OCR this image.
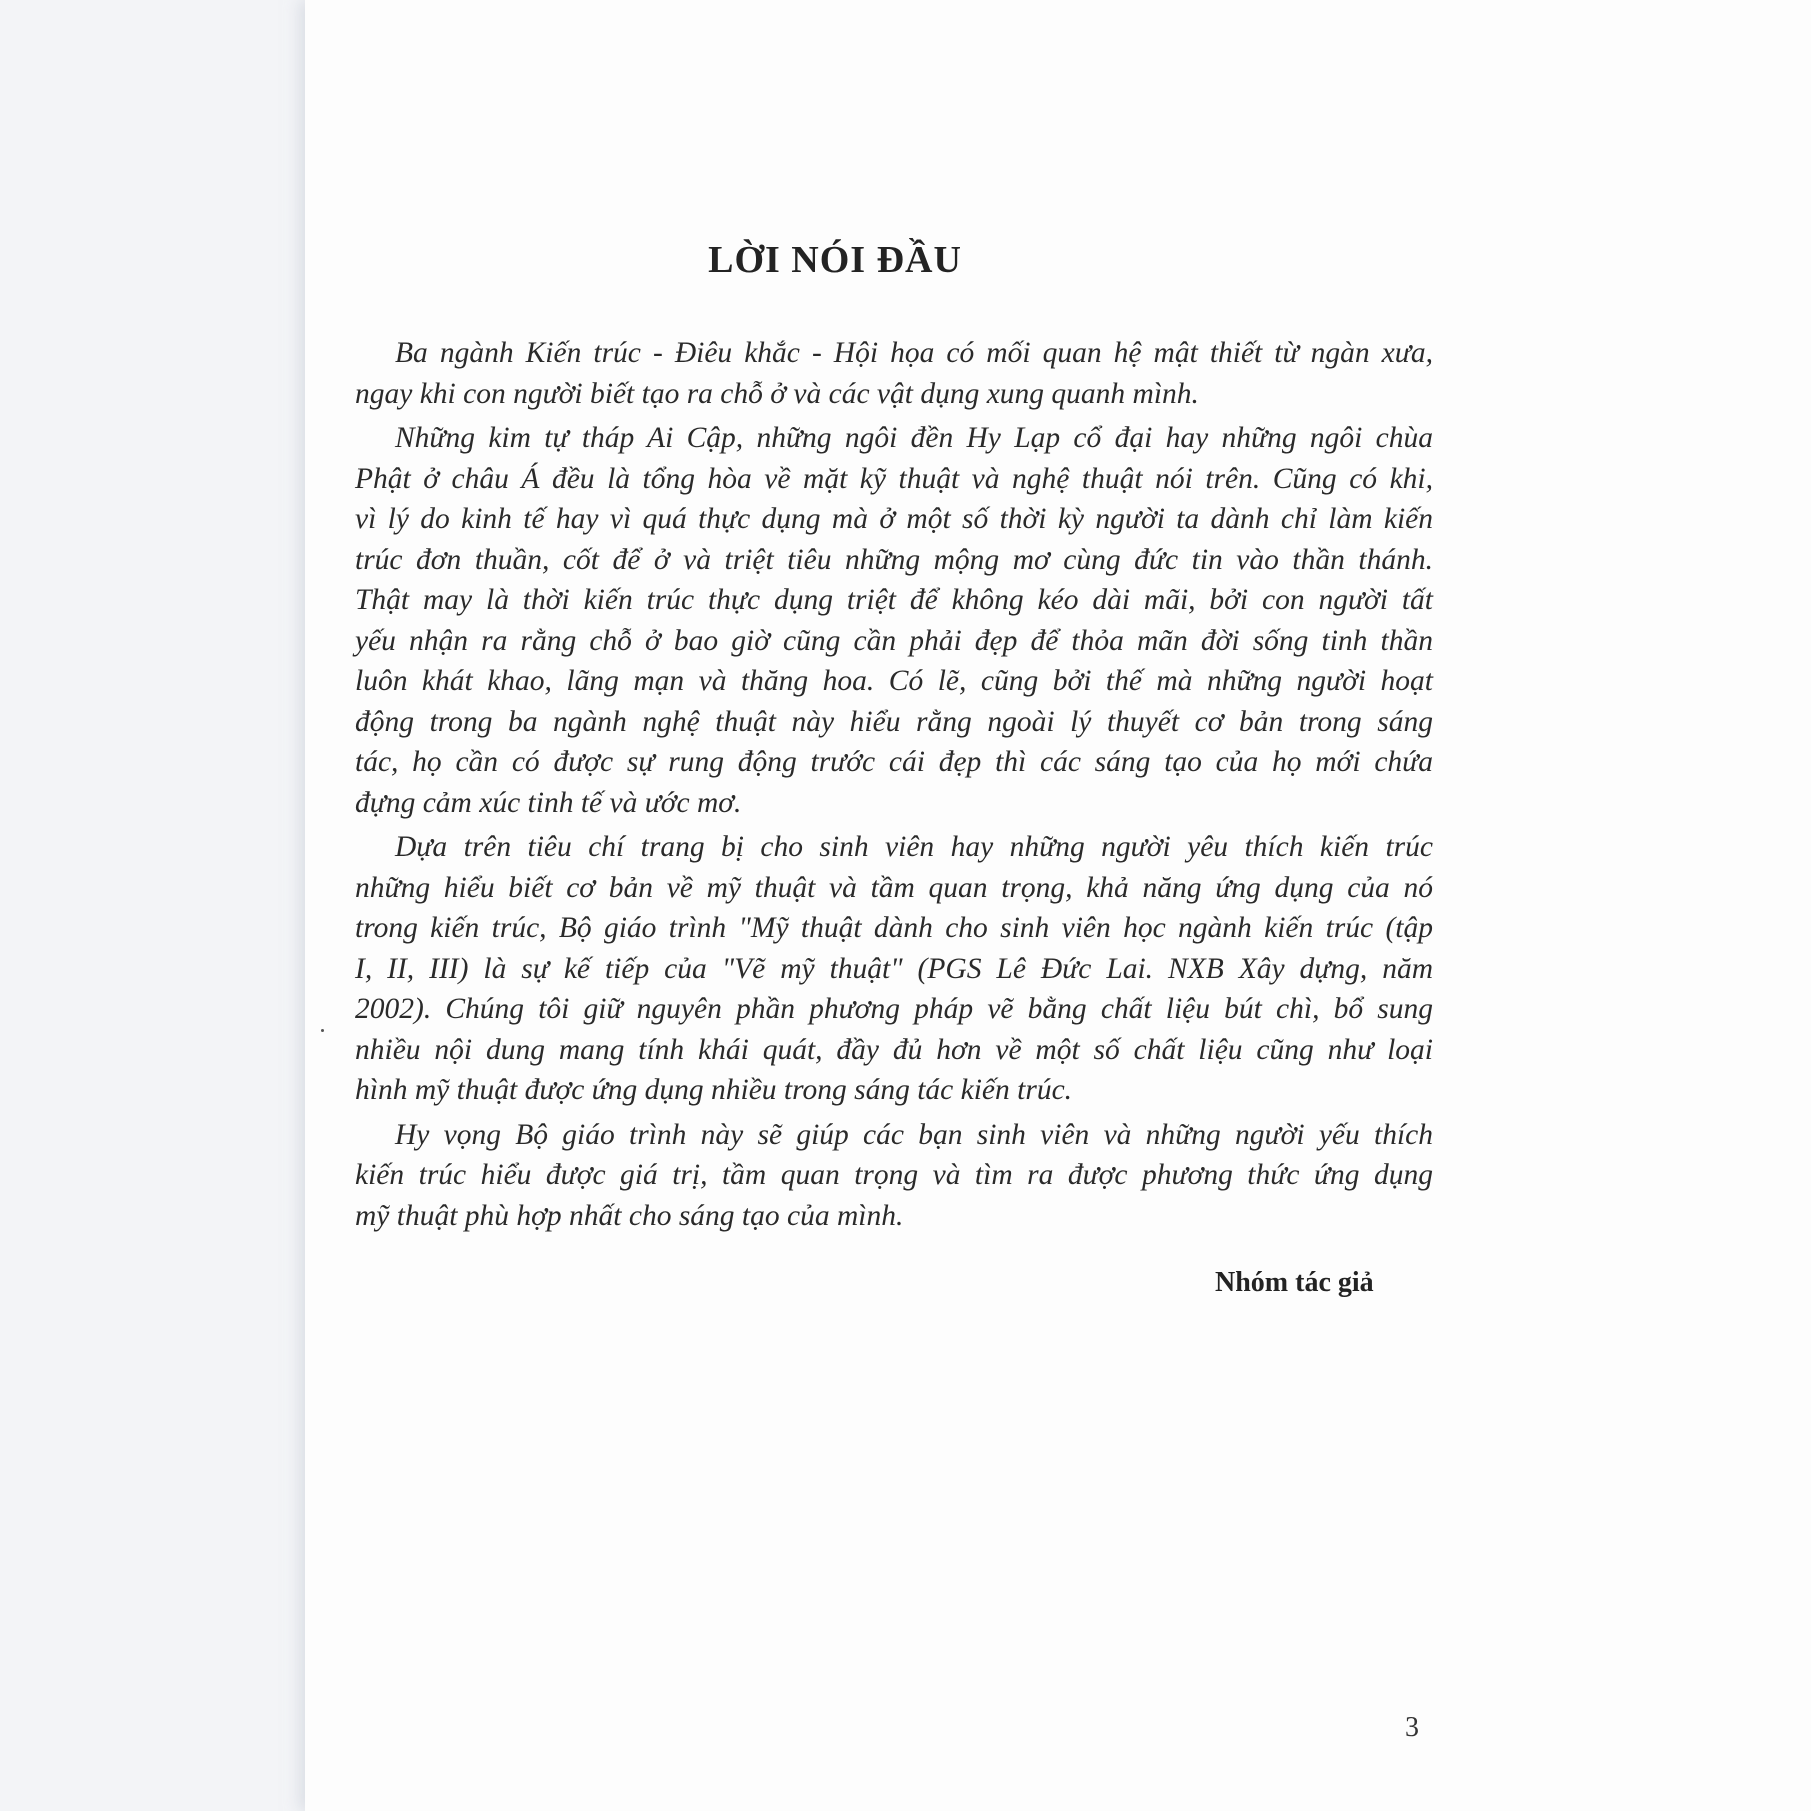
LỜI NÓI ĐẦU

Ba ngành Kiến trúc - Điêu khắc - Hội họa có mối quan hệ mật thiết từ ngàn xưa,
ngay khi con người biết tạo ra chỗ ở và các vật dụng xung quanh mình.

Những kim tự tháp Ai Cập, những ngôi đền Hy Lạp cổ đại hay những ngôi chùa
Phật ở châu Á đều là tổng hòa về mặt kỹ thuật và nghệ thuật nói trên. Cũng có khi,
vì lý do kinh tế hay vì quá thực dụng mà ở một số thời kỳ người ta dành chỉ làm kiến
trúc đơn thuần, cốt để ở và triệt tiêu những mộng mơ cùng đức tin vào thần thánh.
Thật may là thời kiến trúc thực dụng triệt để không kéo dài mãi, bởi con người tất
yếu nhận ra rằng chỗ ở bao giờ cũng cần phải đẹp để thỏa mãn đời sống tinh thần
luôn khát khao, lãng mạn và thăng hoa. Có lẽ, cũng bởi thế mà những người hoạt
động trong ba ngành nghệ thuật này hiểu rằng ngoài lý thuyết cơ bản trong sáng
tác, họ cần có được sự rung động trước cái đẹp thì các sáng tạo của họ mới chứa
đựng cảm xúc tinh tế và ước mơ.

Dựa trên tiêu chí trang bị cho sinh viên hay những người yêu thích kiến trúc
những hiểu biết cơ bản về mỹ thuật và tầm quan trọng, khả năng ứng dụng của nó
trong kiến trúc, Bộ giáo trình "Mỹ thuật dành cho sinh viên học ngành kiến trúc (tập
I, II, III) là sự kế tiếp của "Vẽ mỹ thuật" (PGS Lê Đức Lai. NXB Xây dựng, năm
2002). Chúng tôi giữ nguyên phần phương pháp vẽ bằng chất liệu bút chì, bổ sung
nhiều nội dung mang tính khái quát, đầy đủ hơn về một số chất liệu cũng như loại
hình mỹ thuật được ứng dụng nhiều trong sáng tác kiến trúc.

Hy vọng Bộ giáo trình này sẽ giúp các bạn sinh viên và những người yếu thích
kiến trúc hiểu được giá trị, tầm quan trọng và tìm ra được phương thức ứng dụng
mỹ thuật phù hợp nhất cho sáng tạo của mình.

Nhóm tác giả
3
